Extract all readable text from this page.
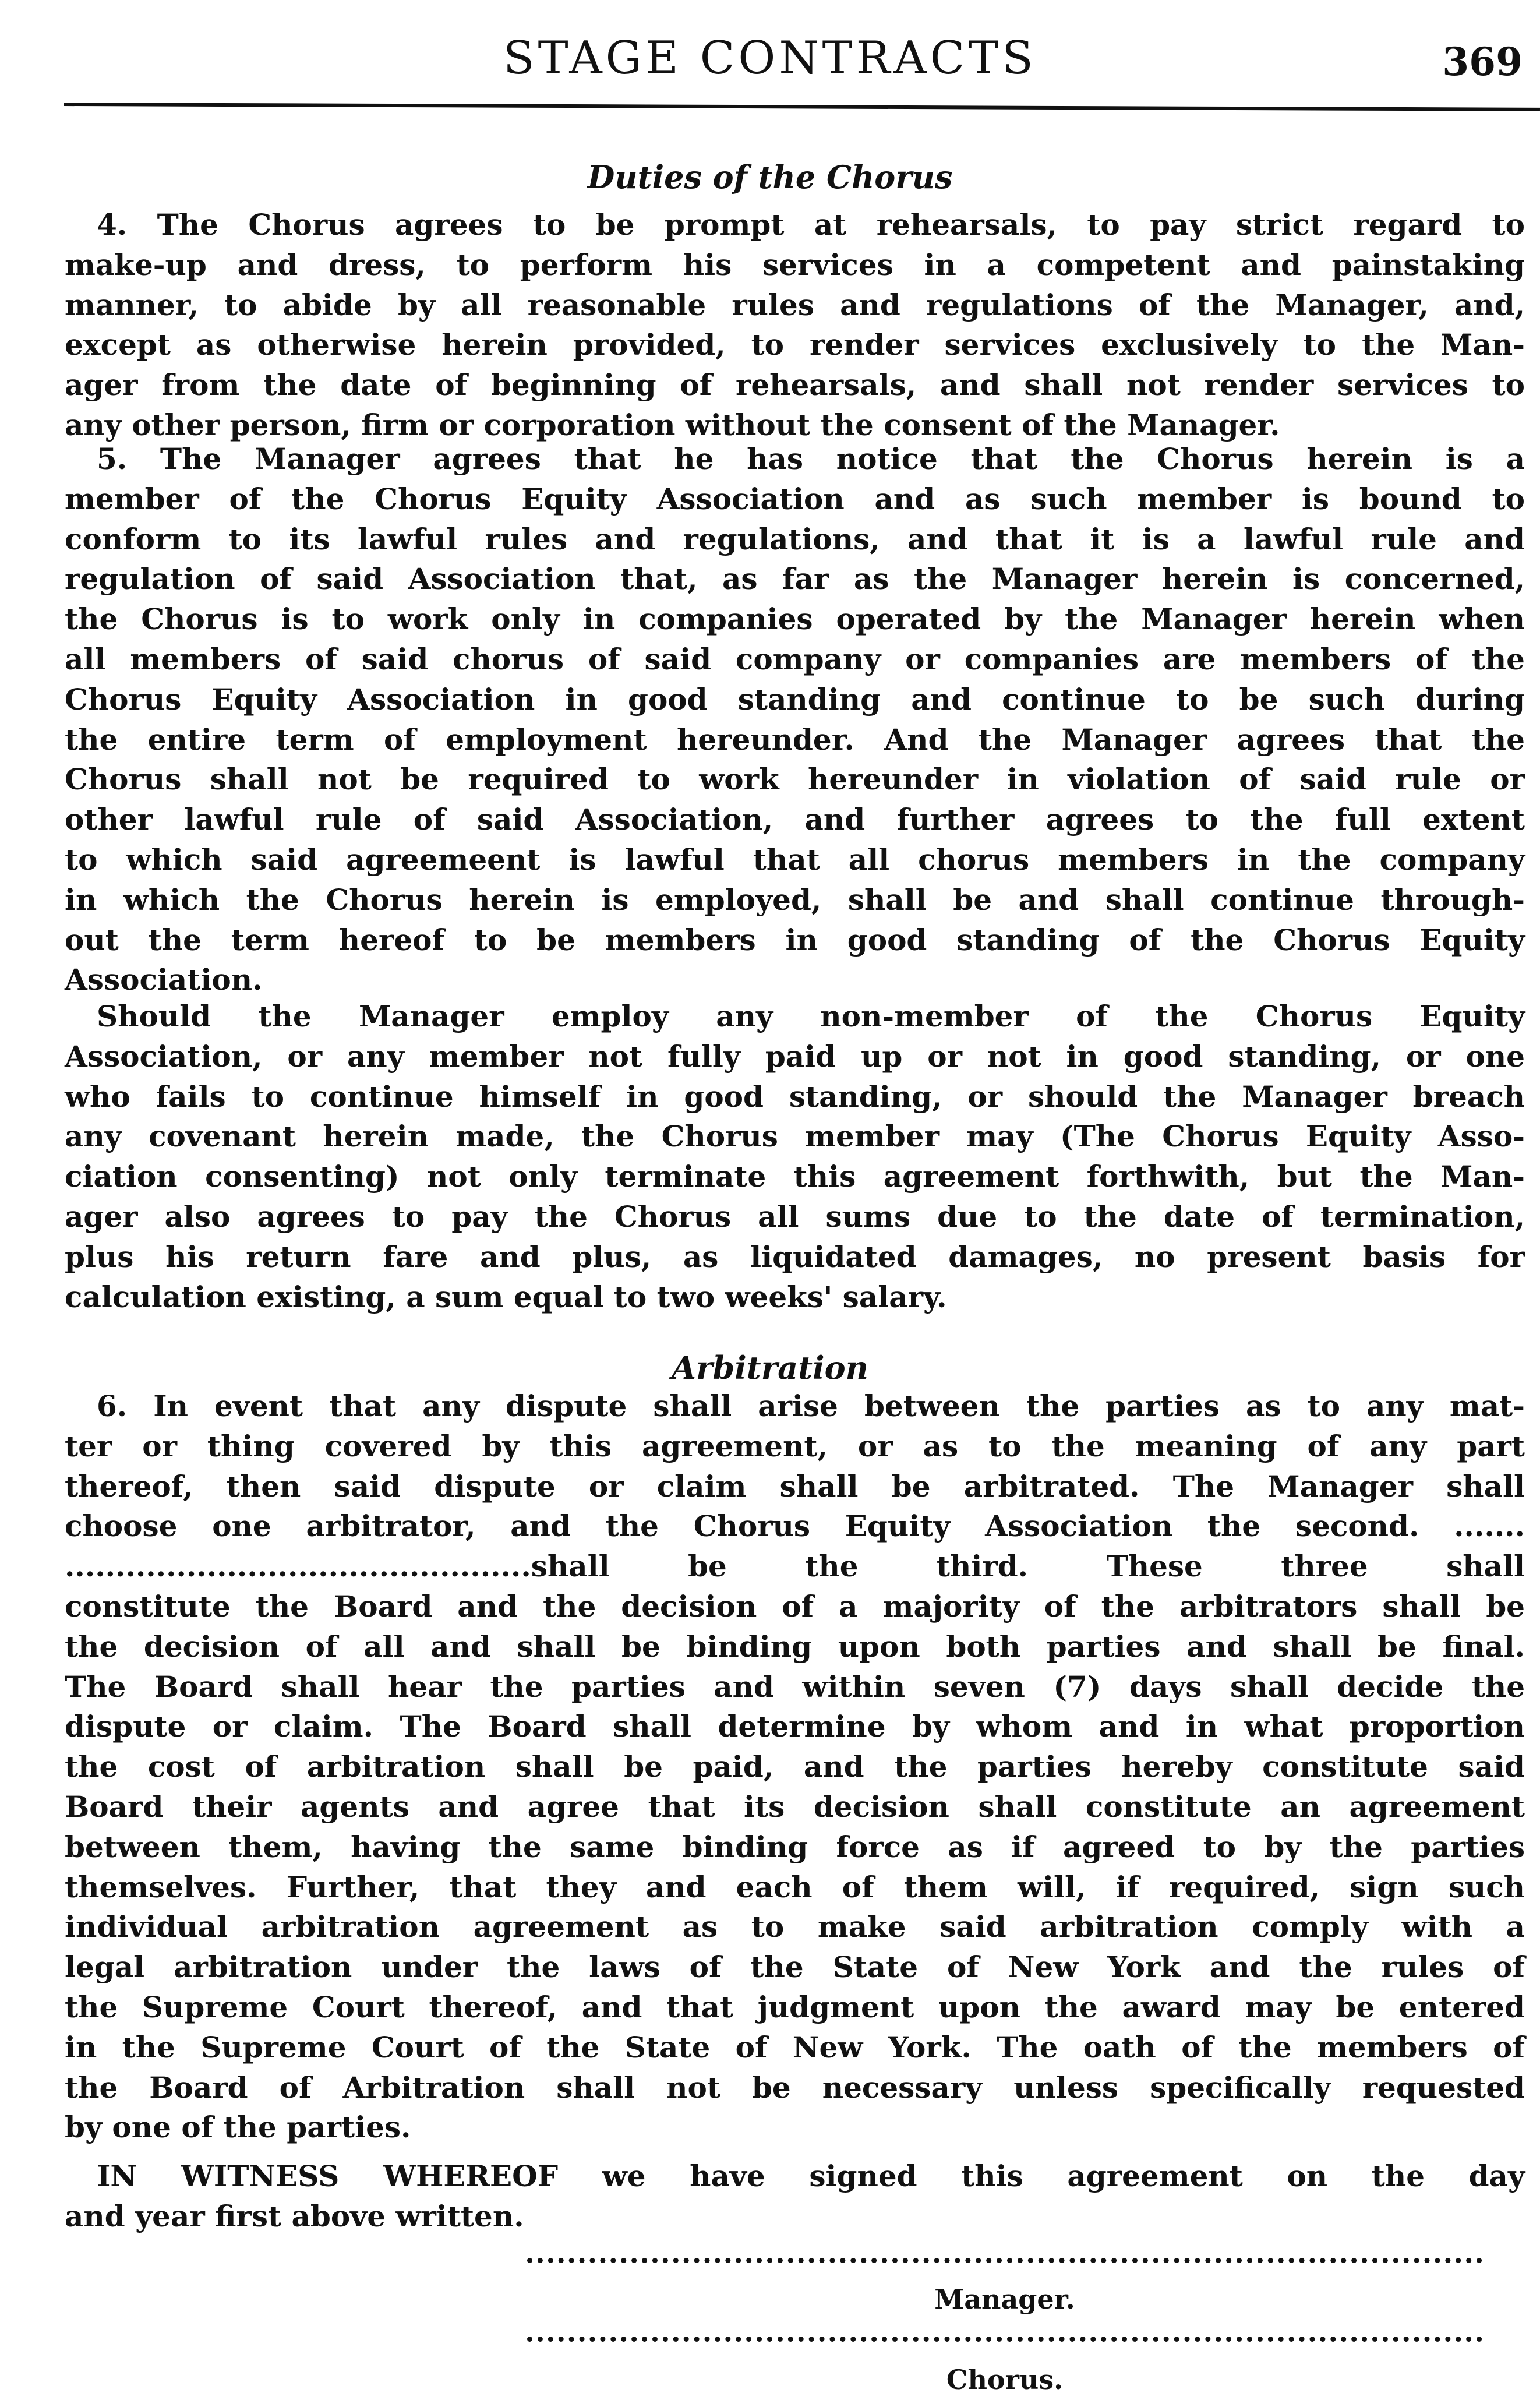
STAGE CONTRACTS	369
Duties of the Chorus
4. The Chorus agrees to be prompt at rehearsals, to pay strict regard to
make-up and dress, to perform his services in a competent and painstaking
manner, to abide by all reasonable rules and regulations of the Manager, and,
except as otherwise herein provided, to render services exclusively to the Man-
ager from the date of beginning of rehearsals, and shall not render services to
any other person, firm or corporation without the consent of the Manager.
5. The Manager agrees that he has notice that the Chorus herein is a
member of the Chorus Equity Association and as such member is bound to
conform to its lawful rules and regulations, and that it is a lawful rule and
regulation of said Association that, as far as the Manager herein is concerned,
the Chorus is to work only in companies operated by the Manager herein when
all members of said chorus of said company or companies are members of the
Chorus Equity Association in good standing and continue to be such during
the entire term of employment hereunder. And the Manager agrees that the
Chorus shall not be required to work hereunder in violation of said rule or
other lawful rule of said Association, and further agrees to the full extent
to which said agreemeent is lawful that all chorus members in the company
in which the Chorus herein is employed, shall be and shall continue through-
out the term hereof to be members in good standing of the Chorus Equity
Association.
Should the Manager employ any non-member of the Chorus Equity
Association, or any member not fully paid up or not in good standing, or one
who fails to continue himself in good standing, or should the Manager breach
any covenant herein made, the Chorus member may (The Chorus Equity Asso-
ciation consenting) not only terminate this agreement forthwith, but the Man-
ager also agrees to pay the Chorus all sums due to the date of termination,
plus his return fare and plus, as liquidated damages, no present basis for
calculation existing, a sum equal to two weeks' salary.
Arbitration
6. In event that any dispute shall arise between the parties as to any mat-
ter or thing covered by this agreement, or as to the meaning of any part
thereof, then said dispute or claim shall be arbitrated. The Manager shall
choose one arbitrator, and the Chorus Equity Association the second. .......
..............................................shall be the third. These three shall
constitute the Board and the decision of a majority of the arbitrators shall be
the decision of all and shall be binding upon both parties and shall be final.
The Board shall hear the parties and within seven (7) days shall decide the
dispute or claim. The Board shall determine by whom and in what proportion
the cost of arbitration shall be paid, and the parties hereby constitute said
Board their agents and agree that its decision shall constitute an agreement
between them, having the same binding force as if agreed to by the parties
themselves. Further, that they and each of them will, if required, sign such
individual arbitration agreement as to make said arbitration comply with a
legal arbitration under the laws of the State of New York and the rules of
the Supreme Court thereof, and that judgment upon the award may be entered
in the Supreme Court of the State of New York. The oath of the members of
the Board of Arbitration shall not be necessary unless specifically requested
by one of the parties.
IN WITNESS WHEREOF we have signed this agreement on the day
and year first above written.
Manager.
Chorus.
